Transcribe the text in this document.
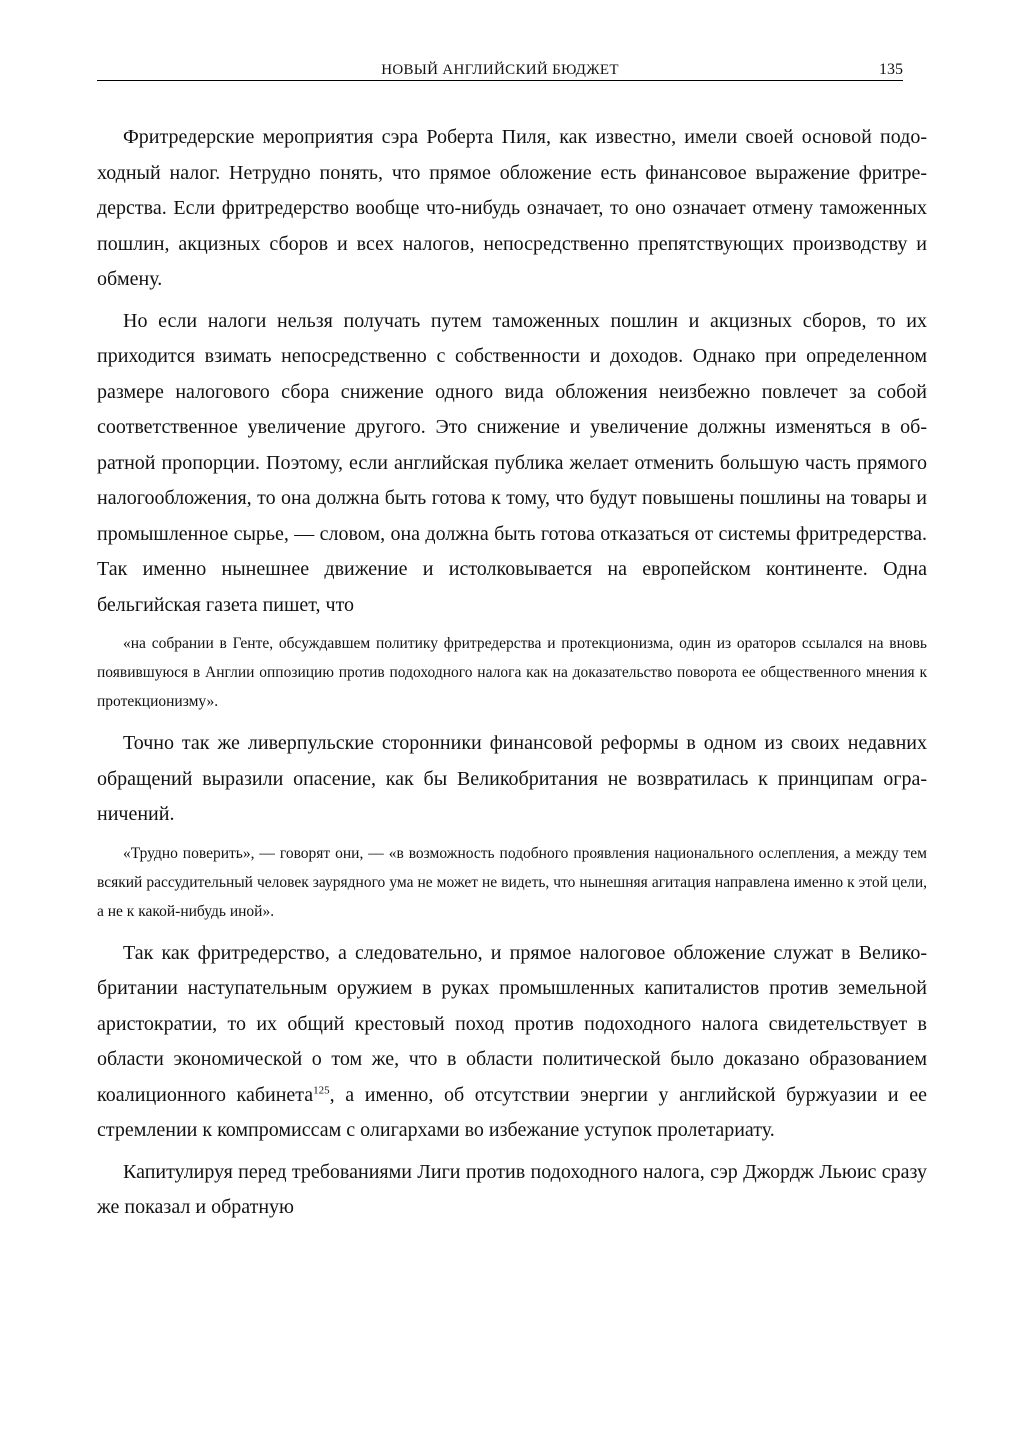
НОВЫЙ АНГЛИЙСКИЙ БЮДЖЕТ	135

Фритредерские мероприятия сэра Роберта Пиля, как известно, имели своей основой подоходный налог. Нетрудно понять, что прямое обложение есть финансовое выражение фритредерства. Если фритредерство вообще что-нибудь означает, то оно означает отмену таможенных пошлин, акцизных сборов и всех налогов, непосредственно препятствующих производству и обмену.

Но если налоги нельзя получать путем таможенных пошлин и акцизных сборов, то их приходится взимать непосредственно с собственности и доходов. Однако при определенном размере налогового сбора снижение одного вида обложения неизбежно повлечет за собой соответственное увеличение другого. Это снижение и увеличение должны изменяться в обратной пропорции. Поэтому, если английская публика желает отменить большую часть прямого налогообложения, то она должна быть готова к тому, что будут повышены пошлины на товары и промышленное сырье, — словом, она должна быть готова отказаться от системы фритредерства. Так именно нынешнее движение и истолковывается на европейском континенте. Одна бельгийская газета пишет, что

«на собрании в Генте, обсуждавшем политику фритредерства и протекционизма, один из ораторов ссылался на вновь появившуюся в Англии оппозицию против подоходного налога как на доказательство поворота ее общественного мнения к протекционизму».

Точно так же ливерпульские сторонники финансовой реформы в одном из своих недавних обращений выразили опасение, как бы Великобритания не возвратилась к принципам ограничений.

«Трудно поверить», — говорят они, — «в возможность подобного проявления национального ослепления, а между тем всякий рассудительный человек заурядного ума не может не видеть, что нынешняя агитация направлена именно к этой цели, а не к какой-нибудь иной».

Так как фритредерство, а следовательно, и прямое налоговое обложение служат в Великобритании наступательным оружием в руках промышленных капиталистов против земельной аристократии, то их общий крестовый поход против подоходного налога свидетельствует в области экономической о том же, что в области политической было доказано образованием коалиционного кабинета$^{125}$, а именно, об отсутствии энергии у английской буржуазии и ее стремлении к компромиссам с олигархами во избежание уступок пролетариату.

Капитулируя перед требованиями Лиги против подоходного налога, сэр Джордж Льюис сразу же показал и обратную
